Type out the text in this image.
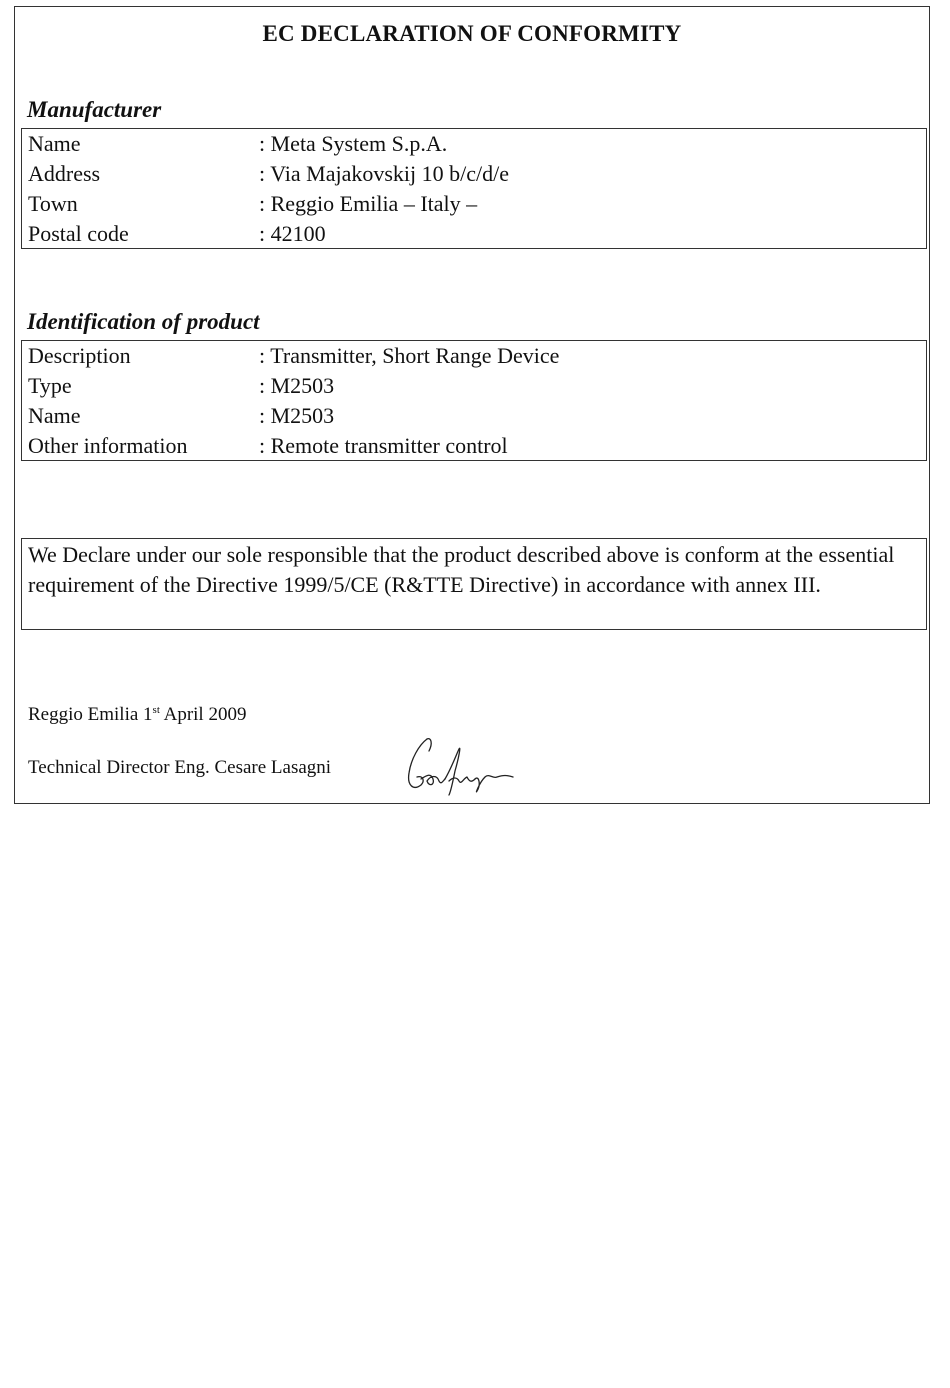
EC DECLARATION OF CONFORMITY
Manufacturer
Name	: Meta System S.p.A.
Address	: Via Majakovskij 10 b/c/d/e
Town	: Reggio Emilia – Italy –
Postal code	: 42100
Identification of product
Description	: Transmitter, Short Range Device
Type	: M2503
Name	: M2503
Other information	: Remote transmitter control

We Declare under our sole responsible that the product described above is conform at the essential requirement of the Directive 1999/5/CE (R&TTE Directive) in accordance with annex III.

Reggio Emilia 1st April 2009
Technical Director Eng. Cesare Lasagni
